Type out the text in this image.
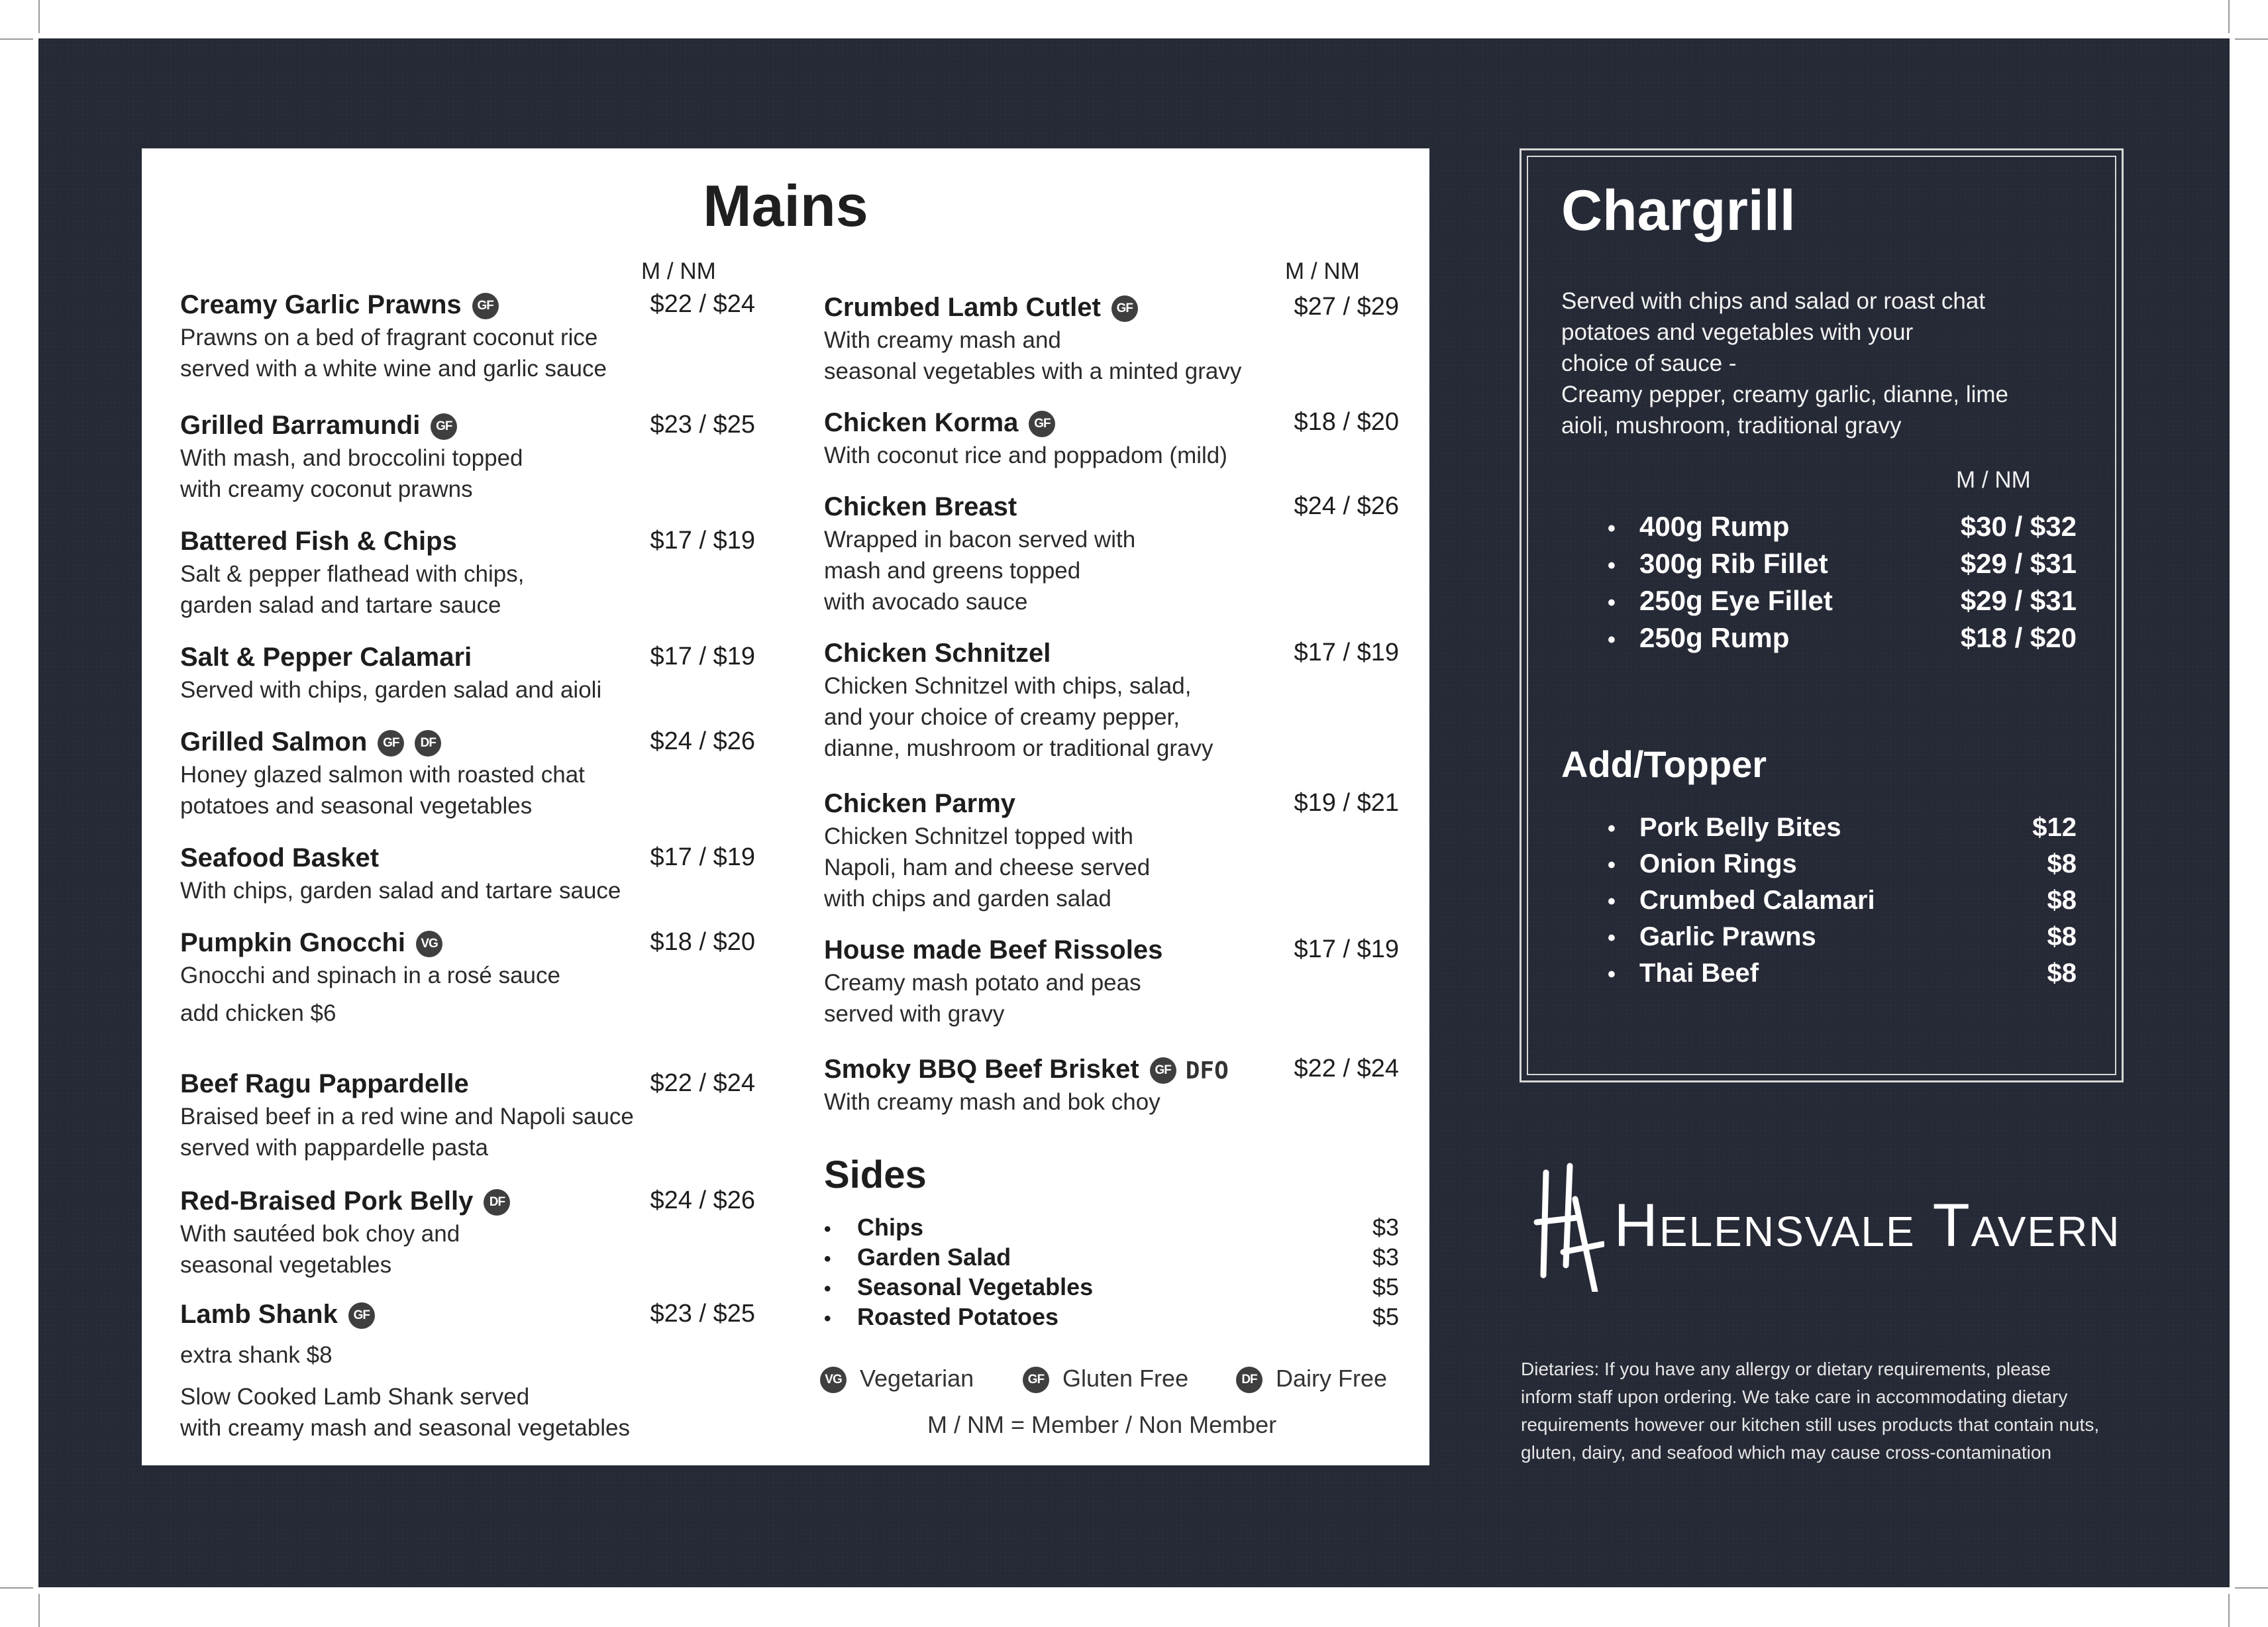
Mains
M / NM	M / NM
Creamy Garlic Prawns GF	$22 / $24
Prawns on a bed of fragrant coconut rice
served with a white wine and garlic sauce
Grilled Barramundi GF	$23 / $25
With mash, and broccolini topped
with creamy coconut prawns
Battered Fish & Chips	$17 / $19
Salt & pepper flathead with chips,
garden salad and tartare sauce
Salt & Pepper Calamari	$17 / $19
Served with chips, garden salad and aioli
Grilled Salmon GF DF	$24 / $26
Honey glazed salmon with roasted chat
potatoes and seasonal vegetables
Seafood Basket	$17 / $19
With chips, garden salad and tartare sauce
Pumpkin Gnocchi VG	$18 / $20
Gnocchi and spinach in a rosé sauce
add chicken $6
Beef Ragu Pappardelle	$22 / $24
Braised beef in a red wine and Napoli sauce
served with pappardelle pasta
Red-Braised Pork Belly DF	$24 / $26
With sautéed bok choy and
seasonal vegetables
Lamb Shank GF	$23 / $25
extra shank $8
Slow Cooked Lamb Shank served
with creamy mash and seasonal vegetables
Crumbed Lamb Cutlet GF	$27 / $29
With creamy mash and
seasonal vegetables with a minted gravy
Chicken Korma GF	$18 / $20
With coconut rice and poppadom (mild)
Chicken Breast	$24 / $26
Wrapped in bacon served with
mash and greens topped
with avocado sauce
Chicken Schnitzel	$17 / $19
Chicken Schnitzel with chips, salad,
and your choice of creamy pepper,
dianne, mushroom or traditional gravy
Chicken Parmy	$19 / $21
Chicken Schnitzel topped with
Napoli, ham and cheese served
with chips and garden salad
House made Beef Rissoles	$17 / $19
Creamy mash potato and peas
served with gravy
Smoky BBQ Beef Brisket GF DFO	$22 / $24
With creamy mash and bok choy
Sides
• Chips	$3
• Garden Salad	$3
• Seasonal Vegetables	$5
• Roasted Potatoes	$5
VG Vegetarian	GF Gluten Free	DF Dairy Free
M / NM = Member / Non Member
Chargrill
Served with chips and salad or roast chat
potatoes and vegetables with your
choice of sauce -
Creamy pepper, creamy garlic, dianne, lime
aioli, mushroom, traditional gravy
M / NM
• 400g Rump	$30 / $32
• 300g Rib Fillet	$29 / $31
• 250g Eye Fillet	$29 / $31
• 250g Rump	$18 / $20
Add/Topper
• Pork Belly Bites	$12
• Onion Rings	$8
• Crumbed Calamari	$8
• Garlic Prawns	$8
• Thai Beef	$8
Helensvale Tavern
Dietaries: If you have any allergy or dietary requirements, please
inform staff upon ordering. We take care in accommodating dietary
requirements however our kitchen still uses products that contain nuts,
gluten, dairy, and seafood which may cause cross-contamination
